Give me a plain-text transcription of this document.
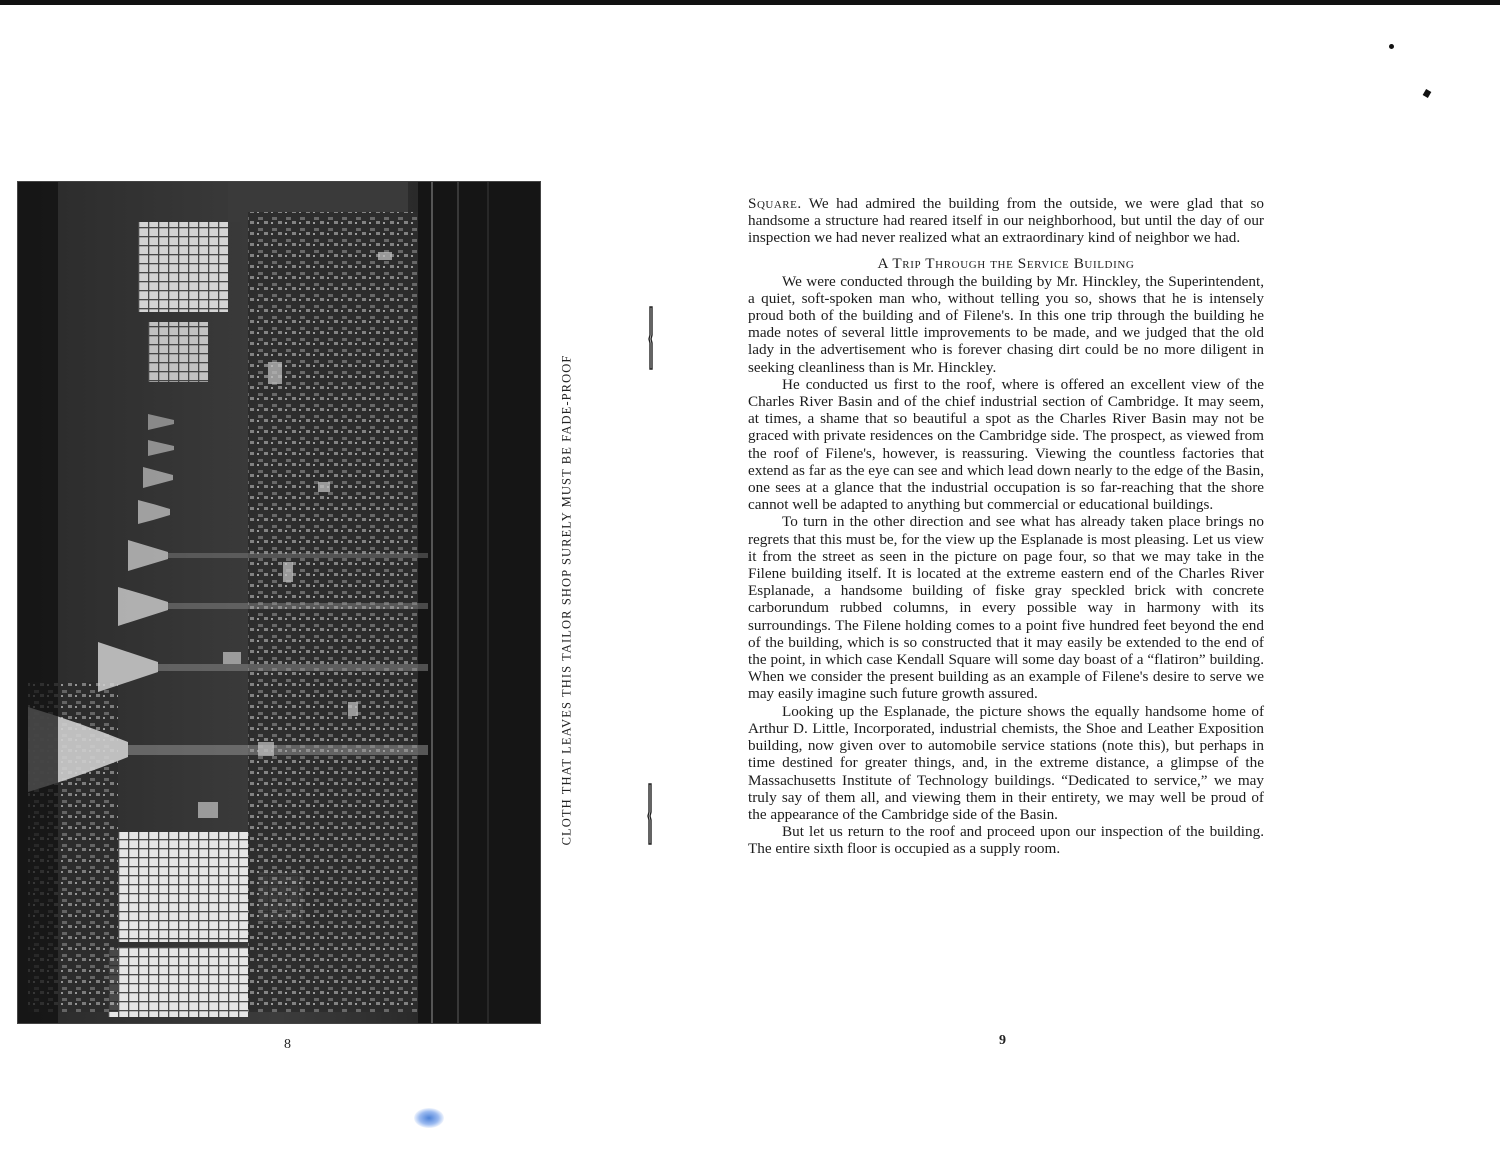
CLOTH THAT LEAVES THIS TAILOR SHOP SURELY MUST BE FADE-PROOF
8

Square. We had admired the building from the outside, we were glad that so handsome a structure had reared itself in our neighborhood, but until the day of our inspection we had never realized what an extraordinary kind of neighbor we had.

A Trip Through the Service Building

We were conducted through the building by Mr. Hinckley, the Superintendent, a quiet, soft-spoken man who, without telling you so, shows that he is intensely proud both of the building and of Filene's. In this one trip through the building he made notes of several little improvements to be made, and we judged that the old lady in the advertisement who is forever chasing dirt could be no more diligent in seeking cleanliness than is Mr. Hinckley.

He conducted us first to the roof, where is offered an excellent view of the Charles River Basin and of the chief industrial section of Cambridge. It may seem, at times, a shame that so beautiful a spot as the Charles River Basin may not be graced with private residences on the Cambridge side. The prospect, as viewed from the roof of Filene's, however, is reassuring. Viewing the countless factories that extend as far as the eye can see and which lead down nearly to the edge of the Basin, one sees at a glance that the industrial occupation is so far-reaching that the shore cannot well be adapted to anything but commercial or educational buildings.

To turn in the other direction and see what has already taken place brings no regrets that this must be, for the view up the Esplanade is most pleasing. Let us view it from the street as seen in the picture on page four, so that we may take in the Filene building itself. It is located at the extreme eastern end of the Charles River Esplanade, a handsome building of fiske gray speckled brick with concrete carborundum rubbed columns, in every possible way in harmony with its surroundings. The Filene holding comes to a point five hundred feet beyond the end of the building, which is so constructed that it may easily be extended to the end of the point, in which case Kendall Square will some day boast of a “flatiron” building. When we consider the present building as an example of Filene's desire to serve we may easily imagine such future growth assured.

Looking up the Esplanade, the picture shows the equally handsome home of Arthur D. Little, Incorporated, industrial chemists, the Shoe and Leather Exposition building, now given over to automobile service stations (note this), but perhaps in time destined for greater things, and, in the extreme distance, a glimpse of the Massachusetts Institute of Technology buildings. “Dedicated to service,” we may truly say of them all, and viewing them in their entirety, we may well be proud of the appearance of the Cambridge side of the Basin.

But let us return to the roof and proceed upon our inspection of the building. The entire sixth floor is occupied as a supply room.

9
